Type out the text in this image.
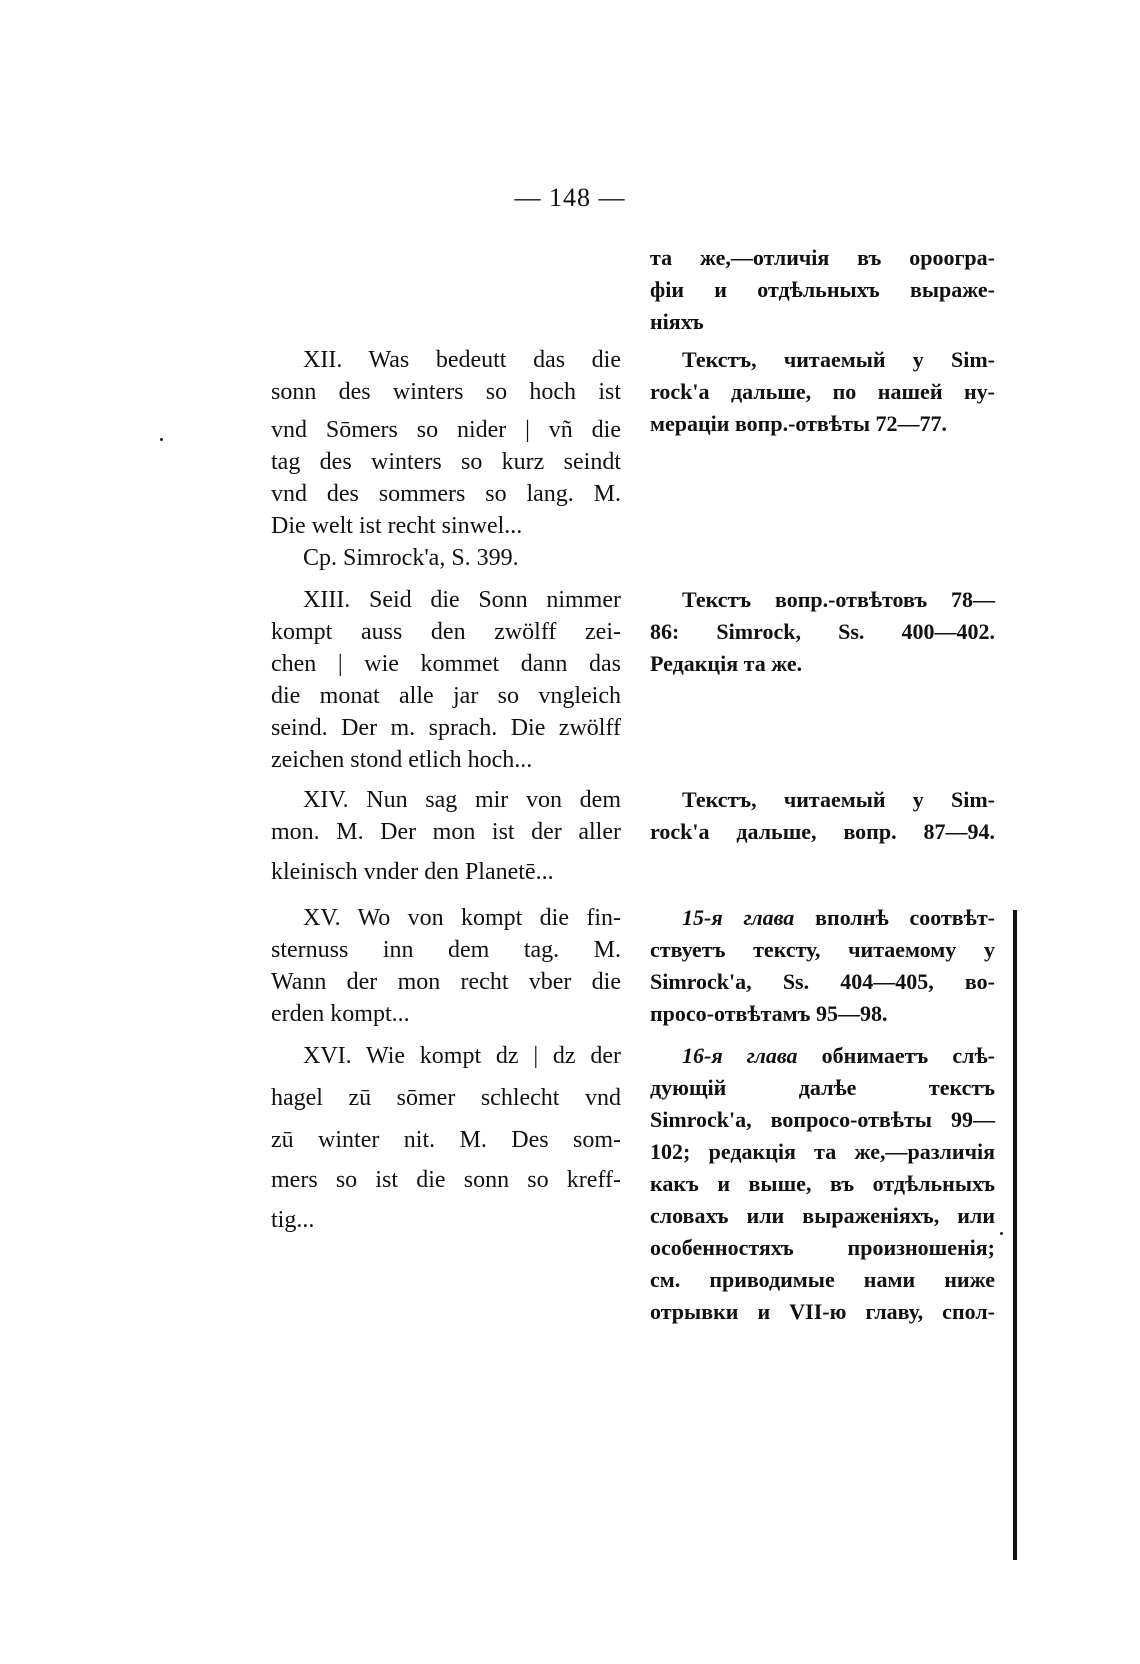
— 148 —
XII. Was bedeutt das die
sonn des winters so hoch ist
vnd Sōmers so nider | vñ die
tag des winters so kurz seindt
vnd des sommers so lang. M.
Die welt ist recht sinwel...
Cp. Simrock'a, S. 399.
XIII. Seid die Sonn nimmer
kompt auss den zwölff zei-
chen | wie kommet dann das
die monat alle jar so vngleich
seind. Der m. sprach. Die zwölff
zeichen stond etlich hoch...
XIV. Nun sag mir von dem
mon. M. Der mon ist der aller
kleinisch vnder den Planetē...
XV. Wo von kompt die fin-
sternuss inn dem tag. M.
Wann der mon recht vber die
erden kompt...
XVI. Wie kompt dz | dz der
hagel zū sōmer schlecht vnd
zū winter nit. M. Des som-
mers so ist die sonn so kreff-
tig...
та же,—отличія въ ороогра-
фіи и отдѣльныхъ выраже-
ніяхъ
Текстъ, читаемый у Sim-
rock'a дальше, по нашей ну-
мераціи вопр.-отвѣты 72—77.
Текстъ вопр.-отвѣтовъ 78—
86: Simrock, Ss. 400—402.
Редакція та же.
Текстъ, читаемый у Sim-
rock'a дальше, вопр. 87—94.
15-я глава вполнѣ соотвѣт-
ствуетъ тексту, читаемому у
Simrock'a, Ss. 404—405, во-
просо-отвѣтамъ 95—98.
16-я глава обнимаетъ слѣ-
дующій далѣе текстъ
Simrock'a, вопросо-отвѣты 99—
102; редакція та же,—различія
какъ и выше, въ отдѣльныхъ
словахъ или выраженіяхъ, или
особенностяхъ произношенія;
см. приводимые нами ниже
отрывки и VII-ю главу, спол-
